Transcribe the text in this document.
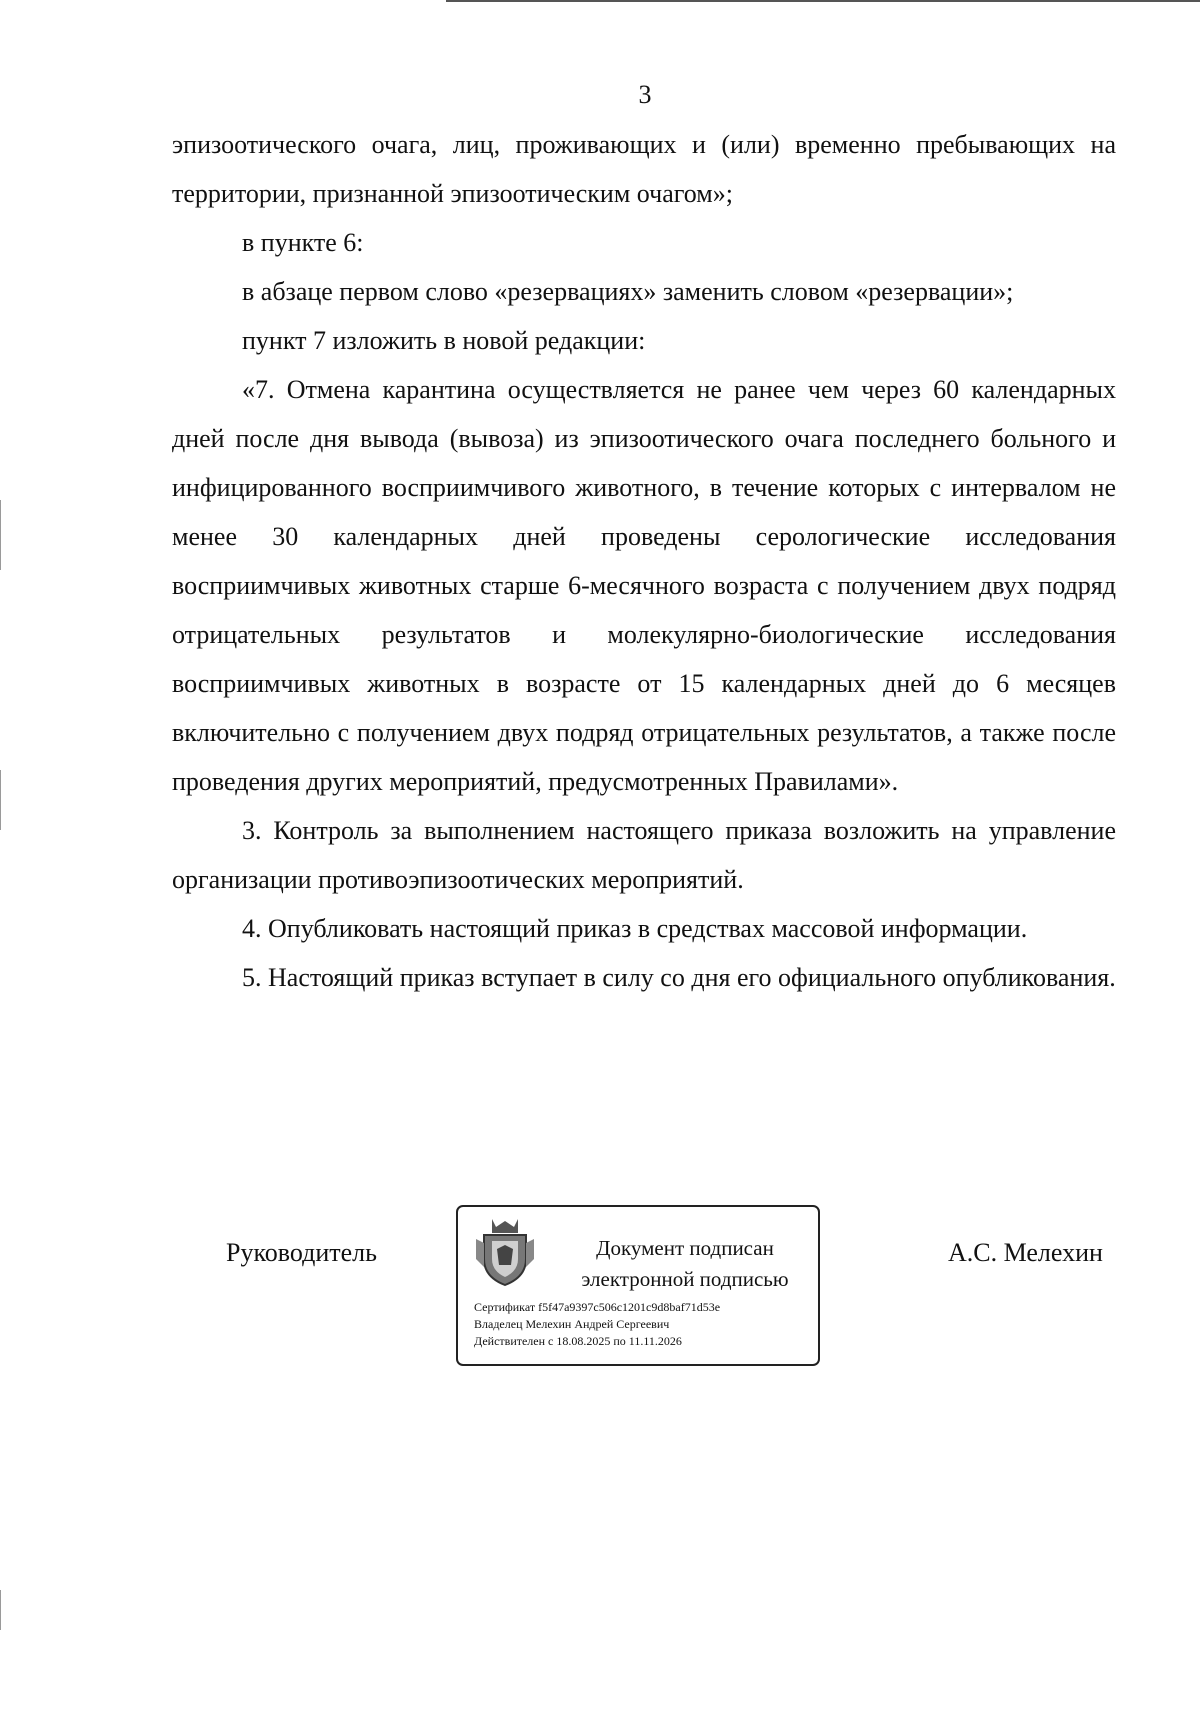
3

эпизоотического очага, лиц, проживающих и (или) временно пребывающих на территории, признанной эпизоотическим очагом»;

в пункте 6:

в абзаце первом слово «резервациях» заменить словом «резервации»;

пункт 7 изложить в новой редакции:

«7. Отмена карантина осуществляется не ранее чем через 60 календарных дней после дня вывода (вывоза) из эпизоотического очага последнего больного и инфицированного восприимчивого животного, в течение которых с интервалом не менее 30 календарных дней проведены серологические исследования восприимчивых животных старше 6-месячного возраста с получением двух подряд отрицательных результатов и молекулярно-биологические исследования восприимчивых животных в возрасте от 15 календарных дней до 6 месяцев включительно с получением двух подряд отрицательных результатов, а также после проведения других мероприятий, предусмотренных Правилами».

3. Контроль за выполнением настоящего приказа возложить на управление организации противоэпизоотических мероприятий.

4. Опубликовать настоящий приказ в средствах массовой информации.

5. Настоящий приказ вступает в силу со дня его официального опубликования.

Руководитель	Документ подписан
электронной подписью
Сертификат f5f47a9397c506c1201c9d8baf71d53e
Владелец Мелехин Андрей Сергеевич
Действителен с 18.08.2025 по 11.11.2026
А.С. Мелехин
